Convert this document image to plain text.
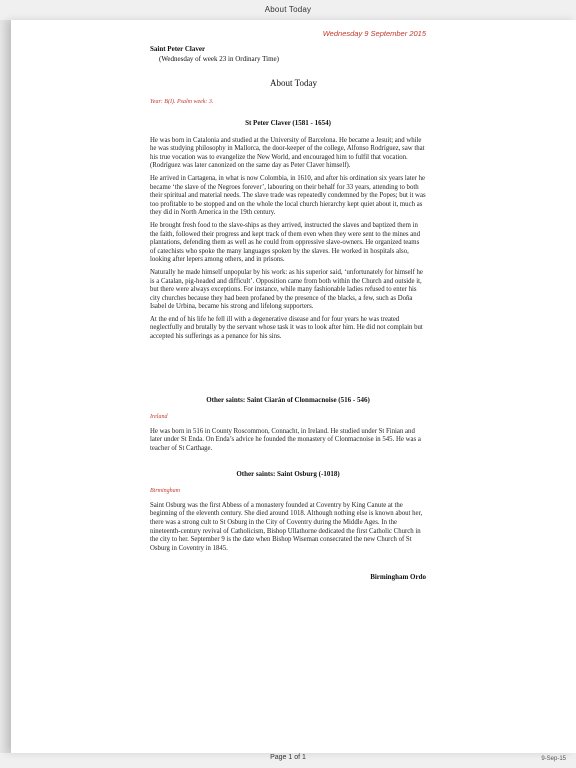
About Today
Wednesday 9 September 2015
Saint Peter Claver
(Wednesday of week 23 in Ordinary Time)
About Today
Year: B(I). Psalm week: 3.
St Peter Claver (1581 - 1654)

He was born in Catalonia and studied at the University of Barcelona. He became a Jesuit; and while he was studying philosophy in Mallorca, the door-keeper of the college, Alfonso Rodríguez, saw that his true vocation was to evangelize the New World, and encouraged him to fulfil that vocation. (Rodríguez was later canonized on the same day as Peter Claver himself).

He arrived in Cartagena, in what is now Colombia, in 1610, and after his ordination six years later he became ‘the slave of the Negroes forever’, labouring on their behalf for 33 years, attending to both their spiritual and material needs. The slave trade was repeatedly condemned by the Popes; but it was too profitable to be stopped and on the whole the local church hierarchy kept quiet about it, much as they did in North America in the 19th century.

He brought fresh food to the slave-ships as they arrived, instructed the slaves and baptized them in the faith, followed their progress and kept track of them even when they were sent to the mines and plantations, defending them as well as he could from oppressive slave-owners. He organized teams of catechists who spoke the many languages spoken by the slaves. He worked in hospitals also, looking after lepers among others, and in prisons.

Naturally he made himself unpopular by his work: as his superior said, ‘unfortunately for himself he is a Catalan, pig-headed and difficult’. Opposition came from both within the Church and outside it, but there were always exceptions. For instance, while many fashionable ladies refused to enter his city churches because they had been profaned by the presence of the blacks, a few, such as Doña Isabel de Urbina, became his strong and lifelong supporters.

At the end of his life he fell ill with a degenerative disease and for four years he was treated neglectfully and brutally by the servant whose task it was to look after him. He did not complain but accepted his sufferings as a penance for his sins.

Other saints: Saint Ciarán of Clonmacnoise (516 - 546)
Ireland

He was born in 516 in County Roscommon, Connacht, in Ireland. He studied under St Finian and later under St Enda. On Enda’s advice he founded the monastery of Clonmacnoise in 545. He was a teacher of St Carthage.

Other saints: Saint Osburg (-1018)
Birmingham

Saint Osburg was the first Abbess of a monastery founded at Coventry by King Canute at the beginning of the eleventh century. She died around 1018. Although nothing else is known about her, there was a strong cult to St Osburg in the City of Coventry during the Middle Ages. In the nineteenth-century revival of Catholicism, Bishop Ullathorne dedicated the first Catholic Church in the city to her. September 9 is the date when Bishop Wiseman consecrated the new Church of St Osburg in Coventry in 1845.

Birmingham Ordo
Page 1 of 1	9-Sep-15
